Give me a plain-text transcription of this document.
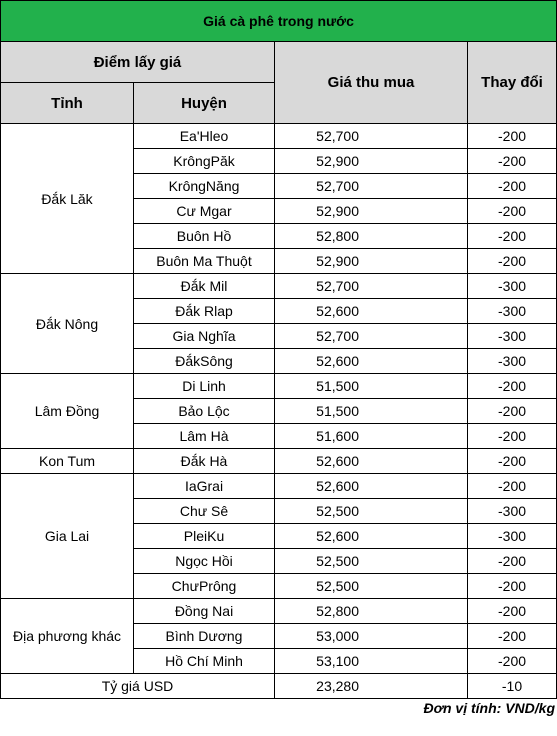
Giá cà phê trong nước			
Điểm lấy giá		Giá thu mua	Thay đổi
Tỉnh	Huyện		
Đắk Lăk	Ea'Hleo	52,700	-200
	KrôngPăk	52,900	-200
	KrôngNăng	52,700	-200
	Cư Mgar	52,900	-200
	Buôn Hồ	52,800	-200
	Buôn Ma Thuột	52,900	-200
Đắk Nông	Đắk Mil	52,700	-300
	Đắk Rlap	52,600	-300
	Gia Nghĩa	52,700	-300
	ĐắkSông	52,600	-300
Lâm Đồng	Di Linh	51,500	-200
	Bảo Lộc	51,500	-200
	Lâm Hà	51,600	-200
Kon Tum	Đắk Hà	52,600	-200
Gia Lai	IaGrai	52,600	-200
	Chư Sê	52,500	-300
	PleiKu	52,600	-300
	Ngọc Hồi	52,500	-200
	ChưPrông	52,500	-200
Địa phương khác	Đồng Nai	52,800	-200
	Bình Dương	53,000	-200
	Hồ Chí Minh	53,100	-200
Tỷ giá USD		23,280	-10
Đơn vị tính: VND/kg
